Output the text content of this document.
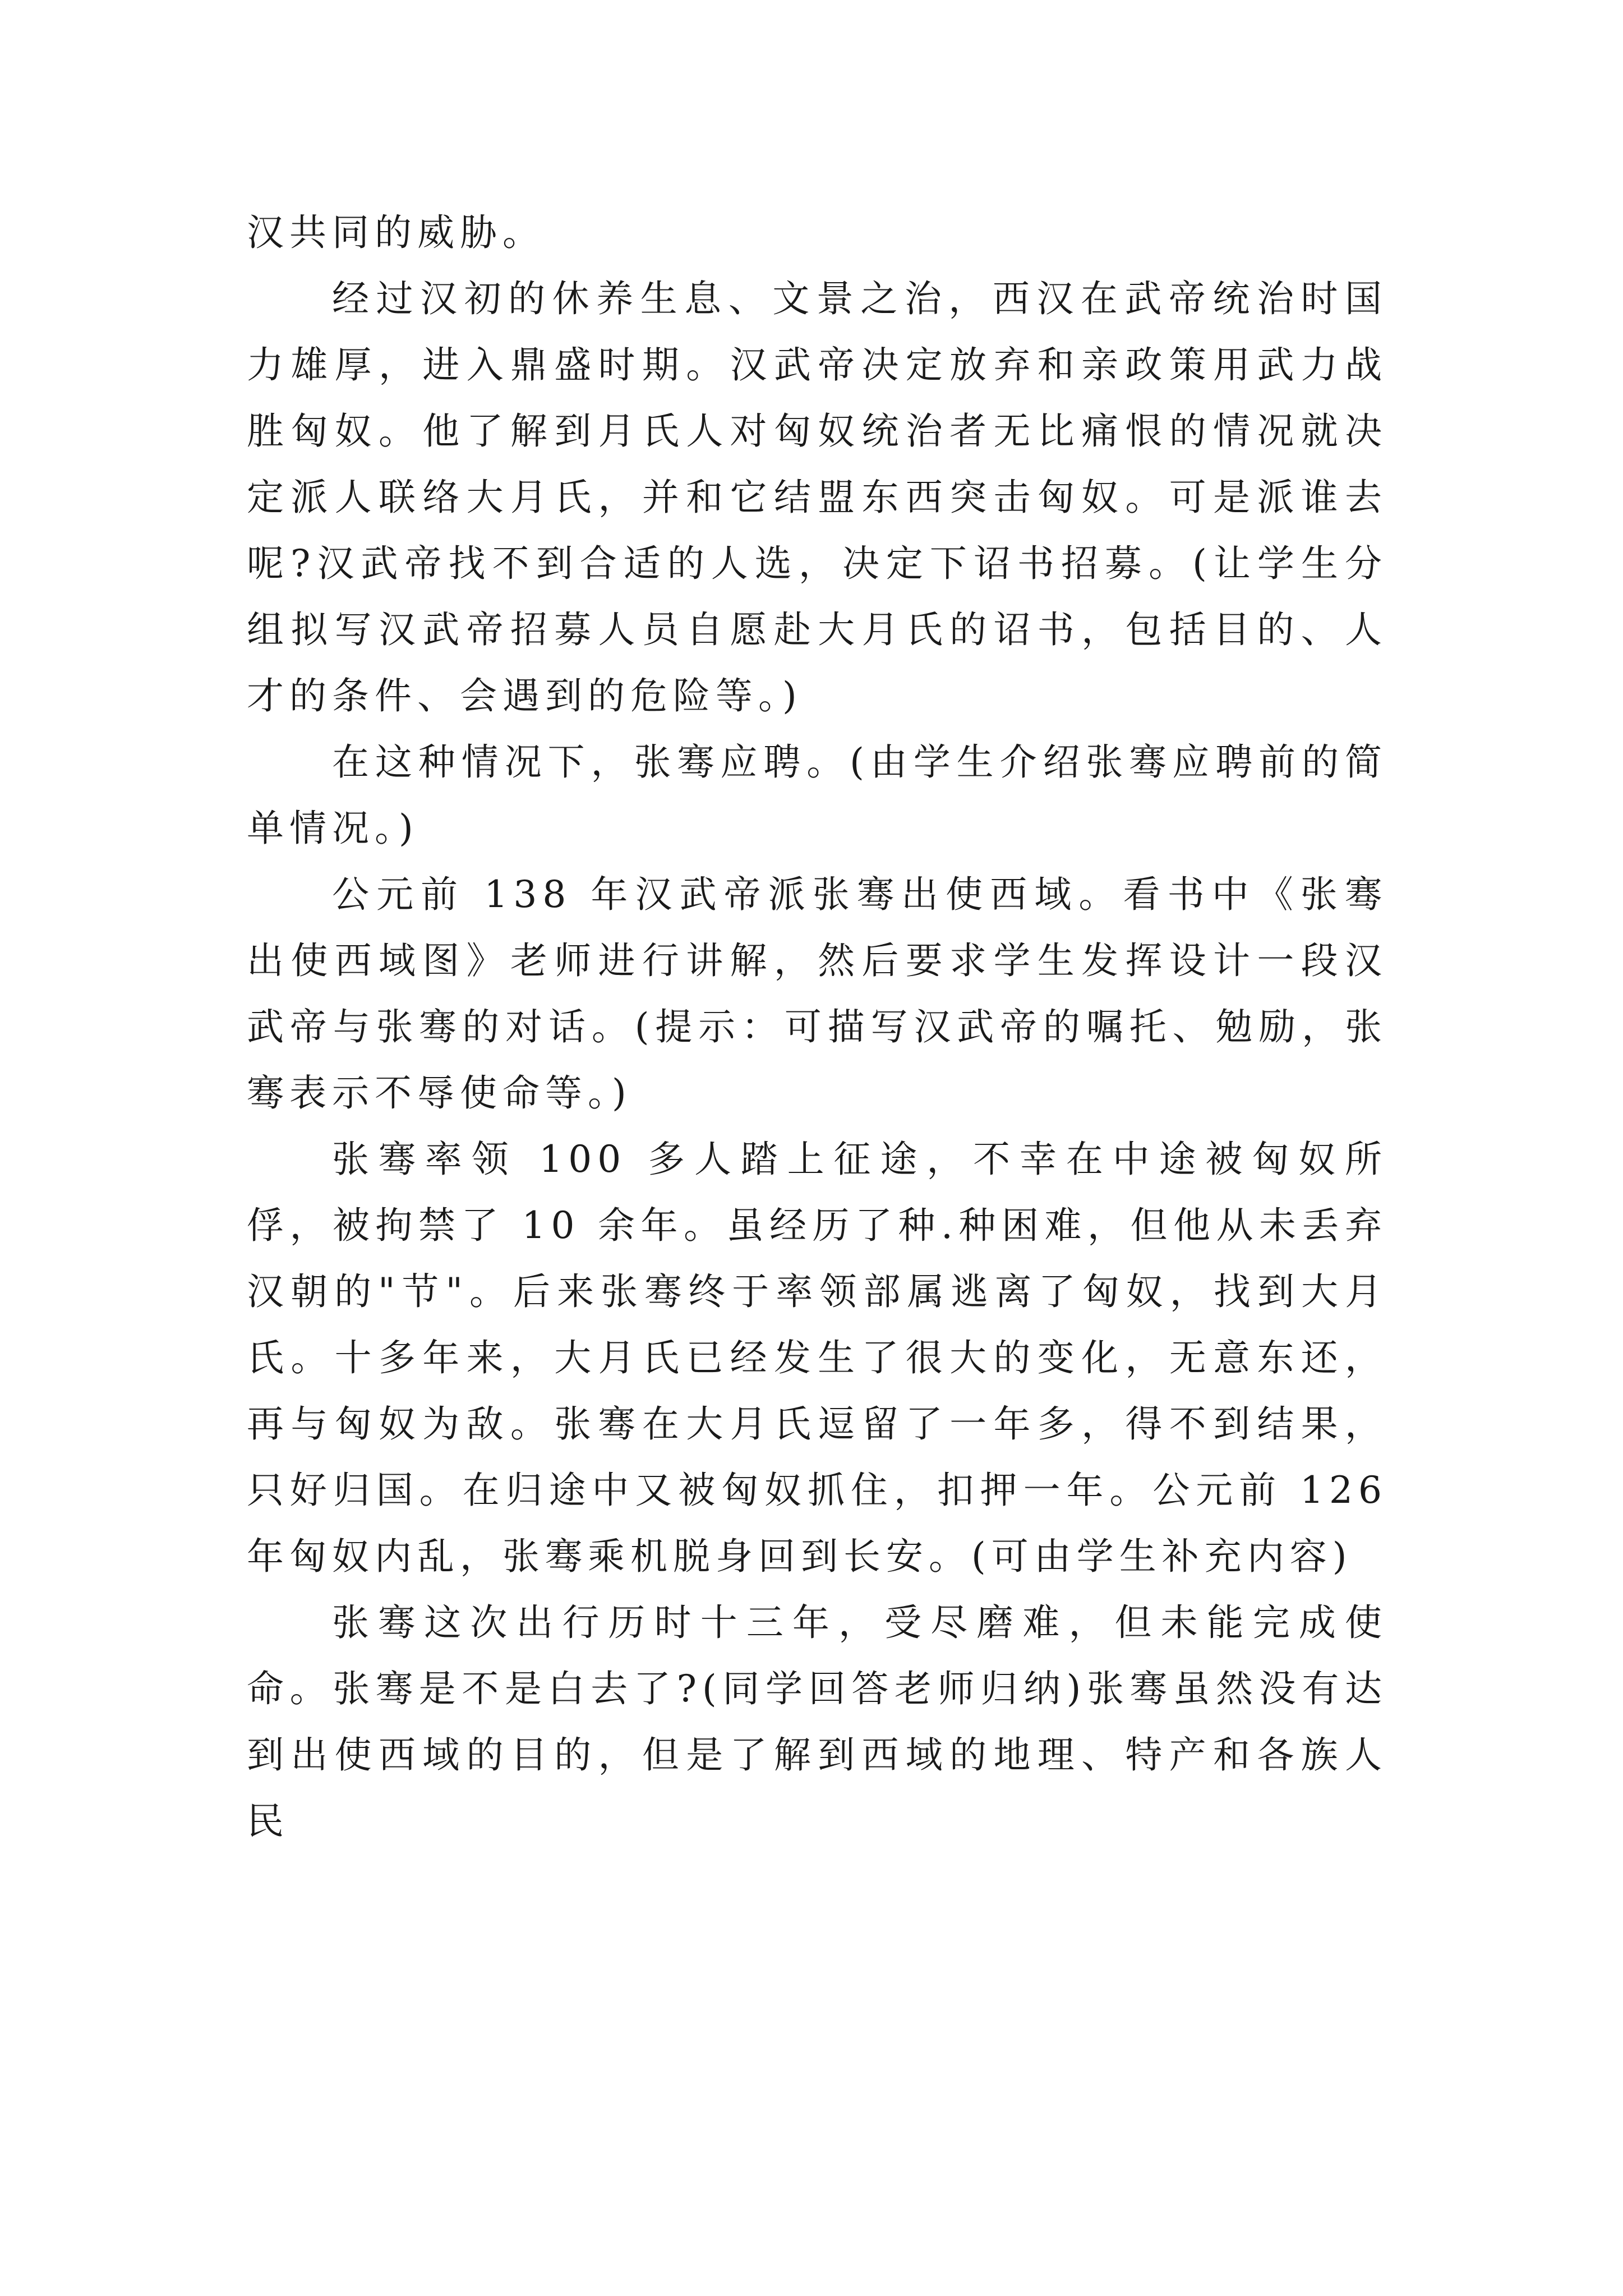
汉共同的威胁。

经过汉初的休养生息、文景之治，西汉在武帝统治时国力雄厚，进入鼎盛时期。汉武帝决定放弃和亲政策用武力战胜匈奴。他了解到月氏人对匈奴统治者无比痛恨的情况就决定派人联络大月氏，并和它结盟东西突击匈奴。可是派谁去呢?汉武帝找不到合适的人选，决定下诏书招募。(让学生分组拟写汉武帝招募人员自愿赴大月氏的诏书，包括目的、人才的条件、会遇到的危险等。)

在这种情况下，张骞应聘。(由学生介绍张骞应聘前的简单情况。)

公元前 138 年汉武帝派张骞出使西域。看书中《张骞出使西域图》老师进行讲解，然后要求学生发挥设计一段汉武帝与张骞的对话。(提示：可描写汉武帝的嘱托、勉励，张骞表示不辱使命等。)

张骞率领 100 多人踏上征途，不幸在中途被匈奴所俘，被拘禁了 10 余年。虽经历了种.种困难，但他从未丢弃汉朝的"节"。后来张骞终于率领部属逃离了匈奴，找到大月氏。十多年来，大月氏已经发生了很大的变化，无意东还，再与匈奴为敌。张骞在大月氏逗留了一年多，得不到结果，只好归国。在归途中又被匈奴抓住，扣押一年。公元前 126 年匈奴内乱，张骞乘机脱身回到长安。(可由学生补充内容)

张骞这次出行历时十三年，受尽磨难，但未能完成使命。张骞是不是白去了?(同学回答老师归纳)张骞虽然没有达到出使西域的目的，但是了解到西域的地理、特产和各族人民
